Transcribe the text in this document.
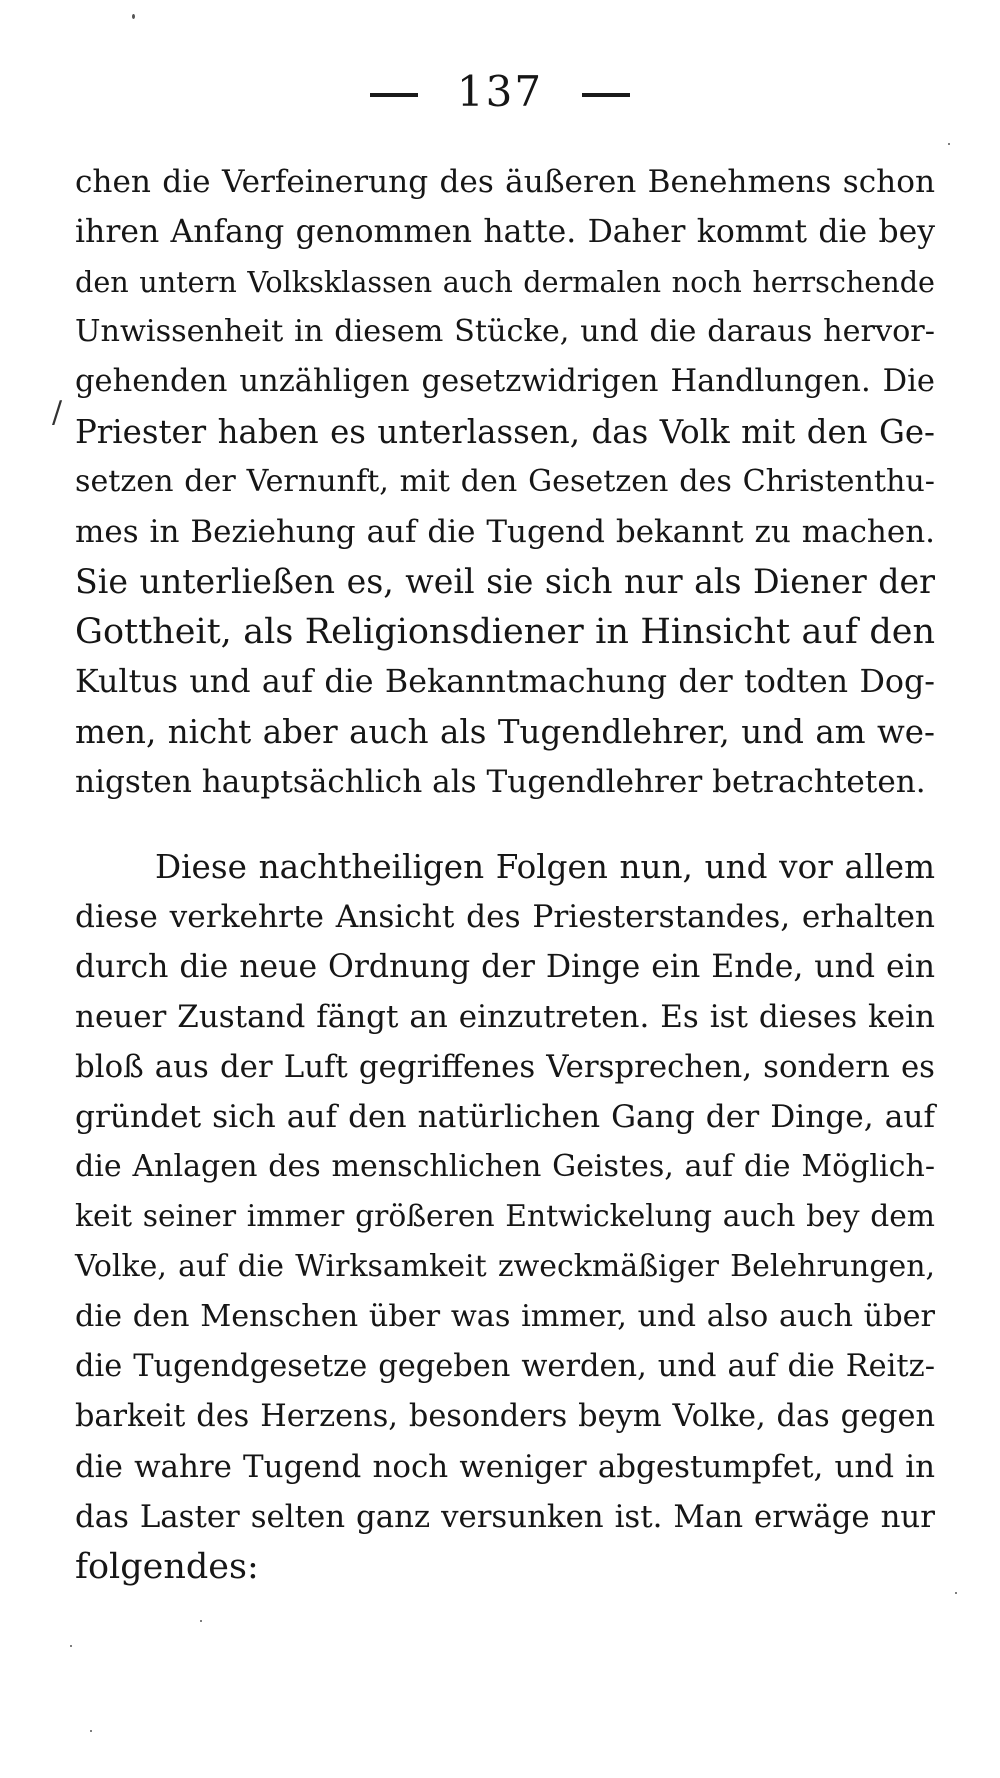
137
/
chen die Verfeinerung des äußeren Benehmens schon
ihren Anfang genommen hatte. Daher kommt die bey
den untern Volksklassen auch dermalen noch herrschende
Unwissenheit in diesem Stücke, und die daraus hervor-
gehenden unzähligen gesetzwidrigen Handlungen. Die
Priester haben es unterlassen, das Volk mit den Ge-
setzen der Vernunft, mit den Gesetzen des Christenthu-
mes in Beziehung auf die Tugend bekannt zu machen.
Sie unterließen es, weil sie sich nur als Diener der
Gottheit, als Religionsdiener in Hinsicht auf den
Kultus und auf die Bekanntmachung der todten Dog-
men, nicht aber auch als Tugendlehrer, und am we-
nigsten hauptsächlich als Tugendlehrer betrachteten.
Diese nachtheiligen Folgen nun, und vor allem
diese verkehrte Ansicht des Priesterstandes, erhalten
durch die neue Ordnung der Dinge ein Ende, und ein
neuer Zustand fängt an einzutreten. Es ist dieses kein
bloß aus der Luft gegriffenes Versprechen, sondern es
gründet sich auf den natürlichen Gang der Dinge, auf
die Anlagen des menschlichen Geistes, auf die Möglich-
keit seiner immer größeren Entwickelung auch bey dem
Volke, auf die Wirksamkeit zweckmäßiger Belehrungen,
die den Menschen über was immer, und also auch über
die Tugendgesetze gegeben werden, und auf die Reitz-
barkeit des Herzens, besonders beym Volke, das gegen
die wahre Tugend noch weniger abgestumpfet, und in
das Laster selten ganz versunken ist. Man erwäge nur
folgendes:
